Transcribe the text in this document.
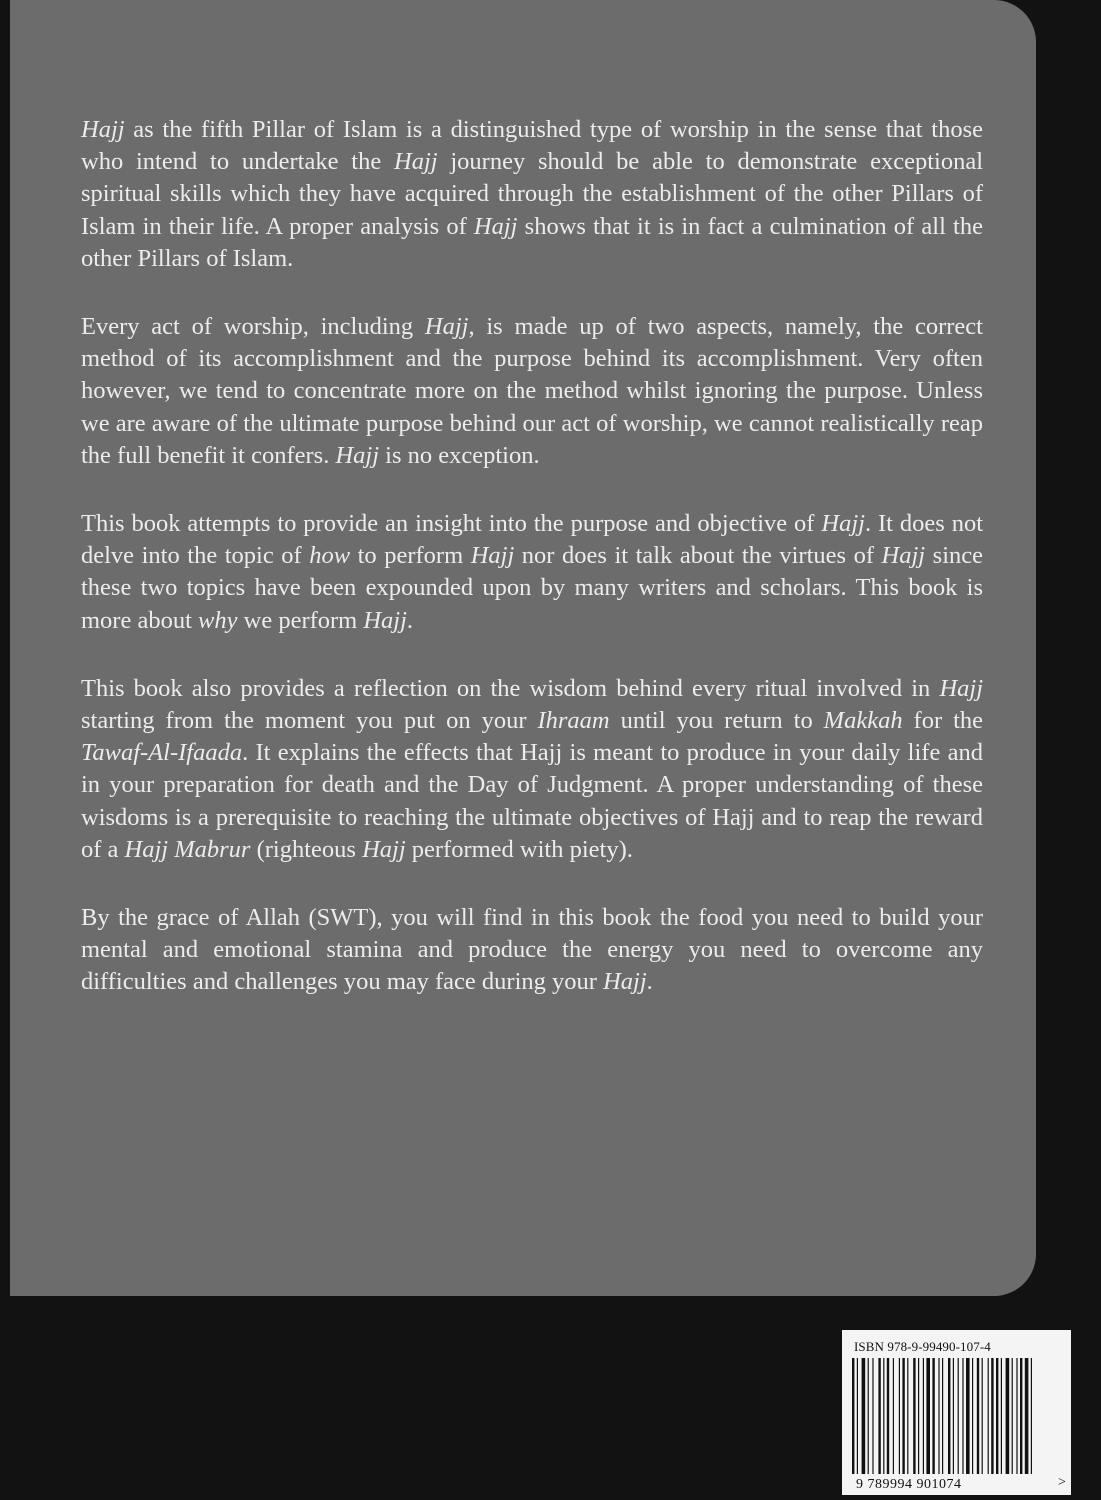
Hajj as the fifth Pillar of Islam is a distinguished type of worship in the sense that those who intend to undertake the Hajj journey should be able to demonstrate exceptional spiritual skills which they have acquired through the establishment of the other Pillars of Islam in their life. A proper analysis of Hajj shows that it is in fact a culmination of all the other Pillars of Islam.

Every act of worship, including Hajj, is made up of two aspects, namely, the correct method of its accomplishment and the purpose behind its accomplishment. Very often however, we tend to concentrate more on the method whilst ignoring the purpose. Unless we are aware of the ultimate purpose behind our act of worship, we cannot realistically reap the full benefit it confers. Hajj is no exception.

This book attempts to provide an insight into the purpose and objective of Hajj. It does not delve into the topic of how to perform Hajj nor does it talk about the virtues of Hajj since these two topics have been expounded upon by many writers and scholars. This book is more about why we perform Hajj.

This book also provides a reflection on the wisdom behind every ritual involved in Hajj starting from the moment you put on your Ihraam until you return to Makkah for the Tawaf-Al-Ifaada. It explains the effects that Hajj is meant to produce in your daily life and in your preparation for death and the Day of Judgment. A proper understanding of these wisdoms is a prerequisite to reaching the ultimate objectives of Hajj and to reap the reward of a Hajj Mabrur (righteous Hajj performed with piety).

By the grace of Allah (SWT), you will find in this book the food you need to build your mental and emotional stamina and produce the energy you need to overcome any difficulties and challenges you may face during your Hajj.

ISBN 978-9-99490-107-4
9 789994 901074	>
